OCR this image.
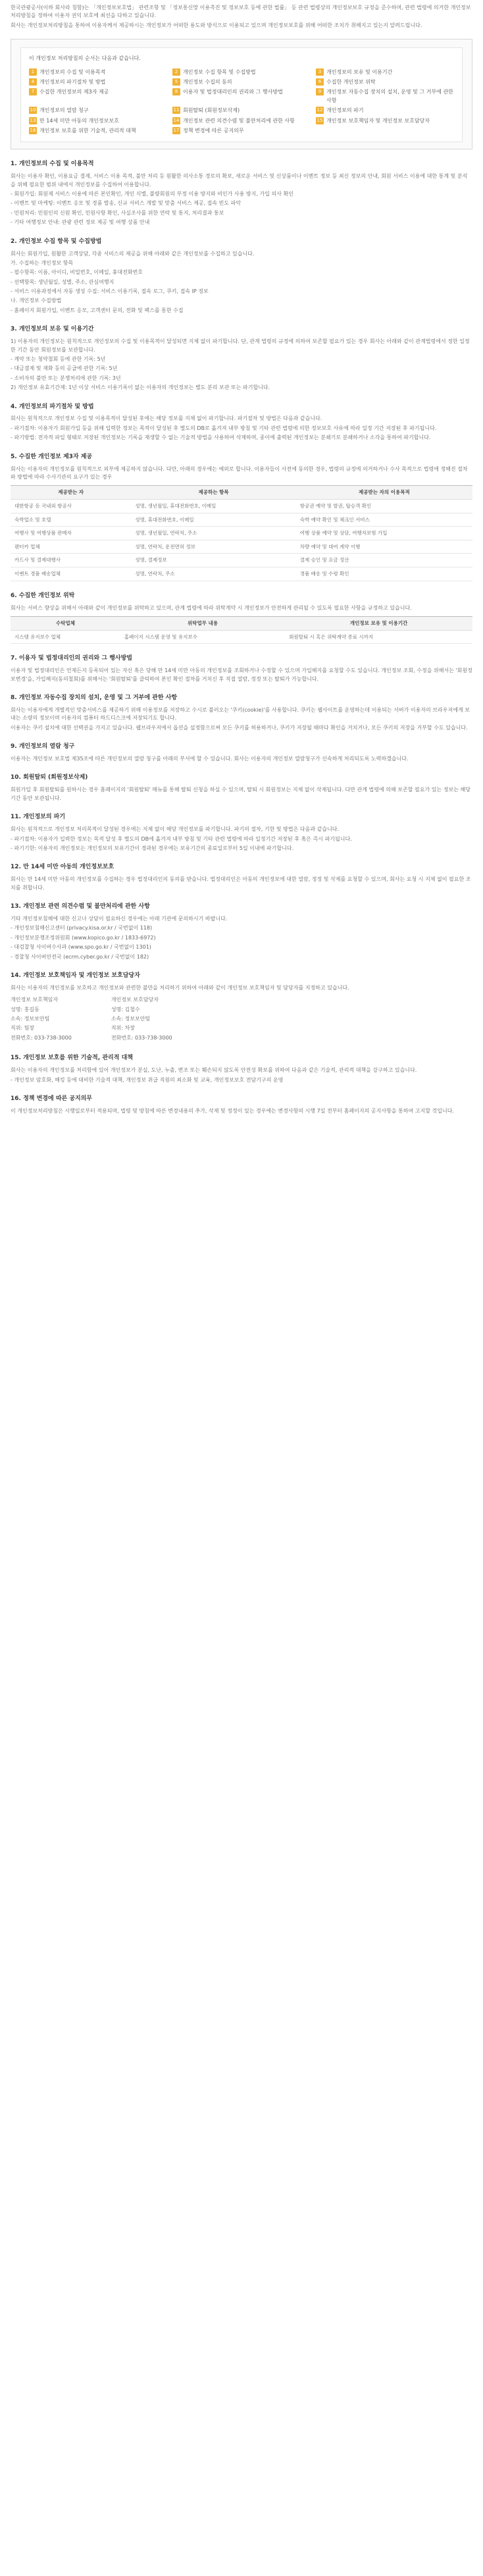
한국관광공사(이하 회사라 칭함)는 「개인정보보호법」 관련조항 및 「정보통신망 이용촉진 및 정보보호 등에 관한 법률」 등 관련 법령상의 개인정보보호 규정을 준수하며, 관련 법령에 의거한 개인정보처리방침을 정하여 이용자 권익 보호에 최선을 다하고 있습니다.

회사는 개인정보처리방침을 통하여 이용자께서 제공하시는 개인정보가 어떠한 용도와 방식으로 이용되고 있으며 개인정보보호를 위해 어떠한 조치가 취해지고 있는지 알려드립니다.

이 개인정보 처리방침의 순서는 다음과 같습니다.
1 개인정보의 수집 및 이용목적	2 개인정보 수집 항목 및 수집방법	3 개인정보의 보유 및 이용기간
4 개인정보의 파기절차 및 방법	5 개인정보 수집의 동의	6 수집한 개인정보 위탁
7 수집한 개인정보의 제3자 제공	8 이용자 및 법정대리인의 권리와 그 행사방법	9 개인정보 자동수집 장치의 설치, 운영 및 그 거부에 관한 사항
10 개인정보의 열람 청구	11 회원탈퇴 (회원정보삭제)	12 개인정보의 파기
13 만 14세 미만 아동의 개인정보보호	14 개인정보 관련 의견수렴 및 불만처리에 관한 사항	15 개인정보 보호책임자 및 개인정보 보호담당자
16 개인정보 보호를 위한 기술적, 관리적 대책	17 정책 변경에 따른 공지의무
1. 개인정보의 수집 및 이용목적

회사는 이용자 확인, 이용요금 결제, 서비스 이용 목적, 불만 처리 등 원활한 의사소통 경로의 확보, 새로운 서비스 및 신상품이나 이벤트 정보 등 최신 정보의 안내, 회원 서비스 이용에 대한 통계 및 분석을 위해 필요한 범위 내에서 개인정보를 수집하여 이용합니다.

- 회원가입: 회원제 서비스 이용에 따른 본인확인, 개인 식별, 불량회원의 부정 이용 방지와 비인가 사용 방지, 가입 의사 확인

- 이벤트 및 마케팅: 이벤트 응모 및 경품 발송, 신규 서비스 개발 및 맞춤 서비스 제공, 접속 빈도 파악

- 민원처리: 민원인의 신원 확인, 민원사항 확인, 사실조사를 위한 연락 및 통지, 처리결과 통보

- 기타 여행정보 안내: 관광 관련 정보 제공 및 여행 상품 안내

2. 개인정보 수집 항목 및 수집방법

회사는 회원가입, 원활한 고객상담, 각종 서비스의 제공을 위해 아래와 같은 개인정보를 수집하고 있습니다.

가. 수집하는 개인정보 항목

- 필수항목: 이름, 아이디, 비밀번호, 이메일, 휴대전화번호

- 선택항목: 생년월일, 성별, 주소, 관심여행지

- 서비스 이용과정에서 자동 생성 수집: 서비스 이용기록, 접속 로그, 쿠키, 접속 IP 정보

나. 개인정보 수집방법

- 홈페이지 회원가입, 이벤트 응모, 고객센터 문의, 전화 및 팩스를 통한 수집

3. 개인정보의 보유 및 이용기간

1) 이용자의 개인정보는 원칙적으로 개인정보의 수집 및 이용목적이 달성되면 지체 없이 파기합니다. 단, 관계 법령의 규정에 의하여 보존할 필요가 있는 경우 회사는 아래와 같이 관계법령에서 정한 일정한 기간 동안 회원정보를 보관합니다.

- 계약 또는 청약철회 등에 관한 기록: 5년

- 대금결제 및 재화 등의 공급에 관한 기록: 5년

- 소비자의 불만 또는 분쟁처리에 관한 기록: 3년

2) 개인정보 유효기간제: 1년 이상 서비스 이용기록이 없는 이용자의 개인정보는 별도 분리 보관 또는 파기합니다.

4. 개인정보의 파기절차 및 방법

회사는 원칙적으로 개인정보 수집 및 이용목적이 달성된 후에는 해당 정보를 지체 없이 파기합니다. 파기절차 및 방법은 다음과 같습니다.

- 파기절차: 이용자가 회원가입 등을 위해 입력한 정보는 목적이 달성된 후 별도의 DB로 옮겨져 내부 방침 및 기타 관련 법령에 의한 정보보호 사유에 따라 일정 기간 저장된 후 파기됩니다.

- 파기방법: 전자적 파일 형태로 저장된 개인정보는 기록을 재생할 수 없는 기술적 방법을 사용하여 삭제하며, 종이에 출력된 개인정보는 분쇄기로 분쇄하거나 소각을 통하여 파기합니다.

5. 수집한 개인정보 제3자 제공

회사는 이용자의 개인정보를 원칙적으로 외부에 제공하지 않습니다. 다만, 아래의 경우에는 예외로 합니다. 이용자들이 사전에 동의한 경우, 법령의 규정에 의거하거나 수사 목적으로 법령에 정해진 절차와 방법에 따라 수사기관의 요구가 있는 경우

제공받는 자	제공하는 항목	제공받는 자의 이용목적
대한항공 등 국내외 항공사	성명, 생년월일, 휴대전화번호, 이메일	항공권 예약 및 발권, 탑승객 확인
숙박업소 및 호텔	성명, 휴대전화번호, 이메일	숙박 예약 확인 및 체크인 서비스
여행사 및 여행상품 판매자	성명, 생년월일, 연락처, 주소	여행 상품 예약 및 상담, 여행자보험 가입
렌터카 업체	성명, 연락처, 운전면허 정보	차량 예약 및 대여 계약 이행
카드사 및 결제대행사	성명, 결제정보	결제 승인 및 요금 정산
이벤트 경품 배송업체	성명, 연락처, 주소	경품 배송 및 수령 확인
6. 수집한 개인정보 위탁

회사는 서비스 향상을 위해서 아래와 같이 개인정보를 위탁하고 있으며, 관계 법령에 따라 위탁계약 시 개인정보가 안전하게 관리될 수 있도록 필요한 사항을 규정하고 있습니다.

수탁업체	위탁업무 내용	개인정보 보유 및 이용기간
시스템 유지보수 업체	홈페이지 시스템 운영 및 유지보수	회원탈퇴 시 혹은 위탁계약 종료 시까지
7. 이용자 및 법정대리인의 권리와 그 행사방법

이용자 및 법정대리인은 언제든지 등록되어 있는 자신 혹은 당해 만 14세 미만 아동의 개인정보를 조회하거나 수정할 수 있으며 가입해지를 요청할 수도 있습니다. 개인정보 조회, 수정을 위해서는 '회원정보변경'을, 가입해지(동의철회)를 위해서는 '회원탈퇴'를 클릭하여 본인 확인 절차를 거치신 후 직접 열람, 정정 또는 탈퇴가 가능합니다.

8. 개인정보 자동수집 장치의 설치, 운영 및 그 거부에 관한 사항

회사는 이용자에게 개별적인 맞춤서비스를 제공하기 위해 이용정보를 저장하고 수시로 불러오는 '쿠키(cookie)'를 사용합니다. 쿠키는 웹사이트를 운영하는데 이용되는 서버가 이용자의 브라우저에게 보내는 소량의 정보이며 이용자의 컴퓨터 하드디스크에 저장되기도 합니다.

이용자는 쿠키 설치에 대한 선택권을 가지고 있습니다. 웹브라우저에서 옵션을 설정함으로써 모든 쿠키를 허용하거나, 쿠키가 저장될 때마다 확인을 거치거나, 모든 쿠키의 저장을 거부할 수도 있습니다.

9. 개인정보의 열람 청구

이용자는 개인정보 보호법 제35조에 따른 개인정보의 열람 청구를 아래의 부서에 할 수 있습니다. 회사는 이용자의 개인정보 열람청구가 신속하게 처리되도록 노력하겠습니다.

10. 회원탈퇴 (회원정보삭제)

회원가입 후 회원탈퇴를 원하시는 경우 홈페이지의 '회원탈퇴' 메뉴를 통해 탈퇴 신청을 하실 수 있으며, 탈퇴 시 회원정보는 지체 없이 삭제됩니다. 다만 관계 법령에 의해 보존할 필요가 있는 정보는 해당 기간 동안 보관됩니다.

11. 개인정보의 파기

회사는 원칙적으로 개인정보 처리목적이 달성된 경우에는 지체 없이 해당 개인정보를 파기합니다. 파기의 절차, 기한 및 방법은 다음과 같습니다.

- 파기절차: 이용자가 입력한 정보는 목적 달성 후 별도의 DB에 옮겨져 내부 방침 및 기타 관련 법령에 따라 일정기간 저장된 후 혹은 즉시 파기됩니다.

- 파기기한: 이용자의 개인정보는 개인정보의 보유기간이 경과된 경우에는 보유기간의 종료일로부터 5일 이내에 파기합니다.

12. 만 14세 미만 아동의 개인정보보호

회사는 만 14세 미만 아동의 개인정보를 수집하는 경우 법정대리인의 동의를 받습니다. 법정대리인은 아동의 개인정보에 대한 열람, 정정 및 삭제를 요청할 수 있으며, 회사는 요청 시 지체 없이 필요한 조치를 취합니다.

13. 개인정보 관련 의견수렴 및 불만처리에 관한 사항

기타 개인정보침해에 대한 신고나 상담이 필요하신 경우에는 아래 기관에 문의하시기 바랍니다.

- 개인정보침해신고센터 (privacy.kisa.or.kr / 국번없이 118)

- 개인정보분쟁조정위원회 (www.kopico.go.kr / 1833-6972)

- 대검찰청 사이버수사과 (www.spo.go.kr / 국번없이 1301)

- 경찰청 사이버안전국 (ecrm.cyber.go.kr / 국번없이 182)

14. 개인정보 보호책임자 및 개인정보 보호담당자

회사는 이용자의 개인정보를 보호하고 개인정보와 관련한 불만을 처리하기 위하여 아래와 같이 개인정보 보호책임자 및 담당자를 지정하고 있습니다.

개인정보 보호책임자

성명: 홍길동

소속: 정보보안팀

직위: 팀장

전화번호: 033-738-3000

개인정보 보호담당자

성명: 김철수

소속: 정보보안팀

직위: 차장

전화번호: 033-738-3000

15. 개인정보 보호를 위한 기술적, 관리적 대책

회사는 이용자의 개인정보를 처리함에 있어 개인정보가 분실, 도난, 누출, 변조 또는 훼손되지 않도록 안전성 확보를 위하여 다음과 같은 기술적, 관리적 대책을 강구하고 있습니다.

- 개인정보 암호화, 해킹 등에 대비한 기술적 대책, 개인정보 취급 직원의 최소화 및 교육, 개인정보보호 전담기구의 운영

16. 정책 변경에 따른 공지의무

이 개인정보처리방침은 시행일로부터 적용되며, 법령 및 방침에 따른 변경내용의 추가, 삭제 및 정정이 있는 경우에는 변경사항의 시행 7일 전부터 홈페이지의 공지사항을 통하여 고지할 것입니다.
